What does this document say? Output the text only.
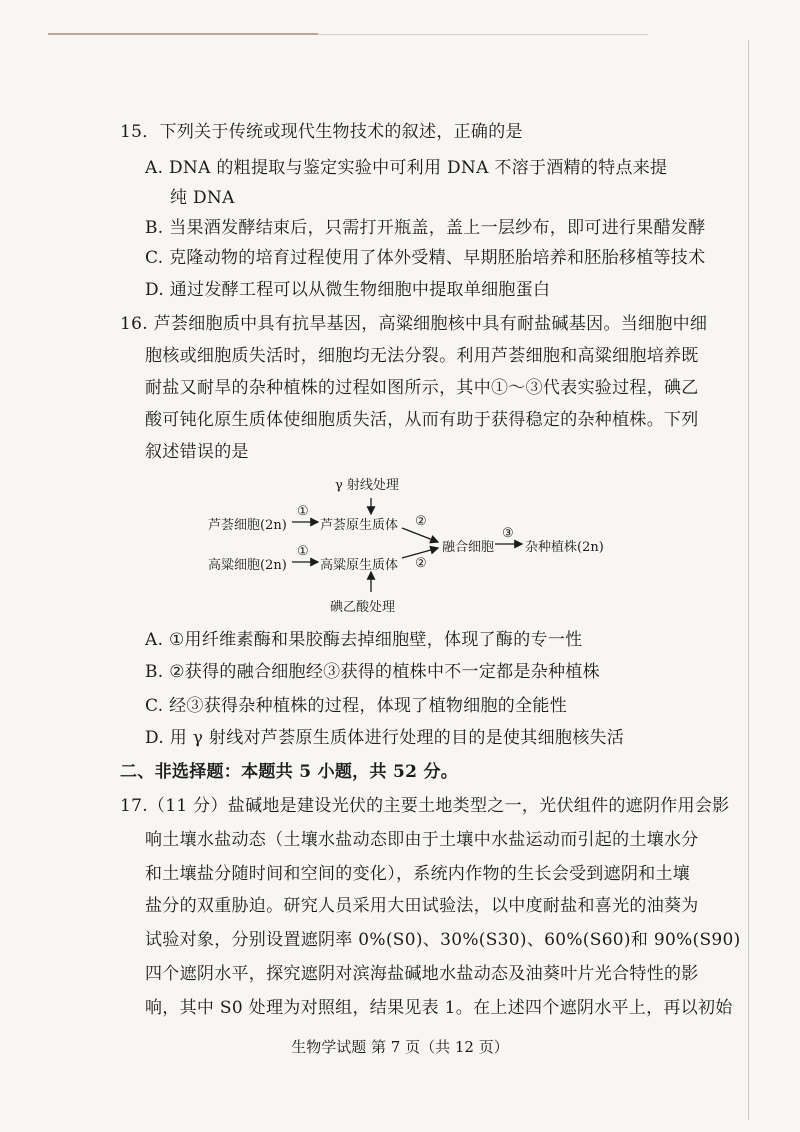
15．下列关于传统或现代生物技术的叙述，正确的是
A. DNA 的粗提取与鉴定实验中可利用 DNA 不溶于酒精的特点来提
纯 DNA
B. 当果酒发酵结束后，只需打开瓶盖，盖上一层纱布，即可进行果醋发酵
C. 克隆动物的培育过程使用了体外受精、早期胚胎培养和胚胎移植等技术
D. 通过发酵工程可以从微生物细胞中提取单细胞蛋白
16. 芦荟细胞质中具有抗旱基因，高粱细胞核中具有耐盐碱基因。当细胞中细
胞核或细胞质失活时，细胞均无法分裂。利用芦荟细胞和高粱细胞培养既
耐盐又耐旱的杂种植株的过程如图所示，其中①～③代表实验过程，碘乙
酸可钝化原生质体使细胞质失活，从而有助于获得稳定的杂种植株。下列
叙述错误的是
γ 射线处理
芦荟细胞(2n)
①
芦荟原生质体 ②
高粱细胞(2n)
①
高粱原生质体 ②
融合细胞
③
杂种植株(2n)
碘乙酸处理
A. ①用纤维素酶和果胶酶去掉细胞壁，体现了酶的专一性
B. ②获得的融合细胞经③获得的植株中不一定都是杂种植株
C. 经③获得杂种植株的过程，体现了植物细胞的全能性
D. 用 γ 射线对芦荟原生质体进行处理的目的是使其细胞核失活
二、非选择题：本题共 5 小题，共 52 分。
17.（11 分）盐碱地是建设光伏的主要土地类型之一，光伏组件的遮阴作用会影
响土壤水盐动态（土壤水盐动态即由于土壤中水盐运动而引起的土壤水分
和土壤盐分随时间和空间的变化），系统内作物的生长会受到遮阴和土壤
盐分的双重胁迫。研究人员采用大田试验法，以中度耐盐和喜光的油葵为
试验对象，分别设置遮阴率 0%(S0)、30%(S30)、60%(S60)和 90%(S90)
四个遮阴水平，探究遮阴对滨海盐碱地水盐动态及油葵叶片光合特性的影
响，其中 S0 处理为对照组，结果见表 1。在上述四个遮阴水平上，再以初始
生物学试题 第 7 页（共 12 页）
